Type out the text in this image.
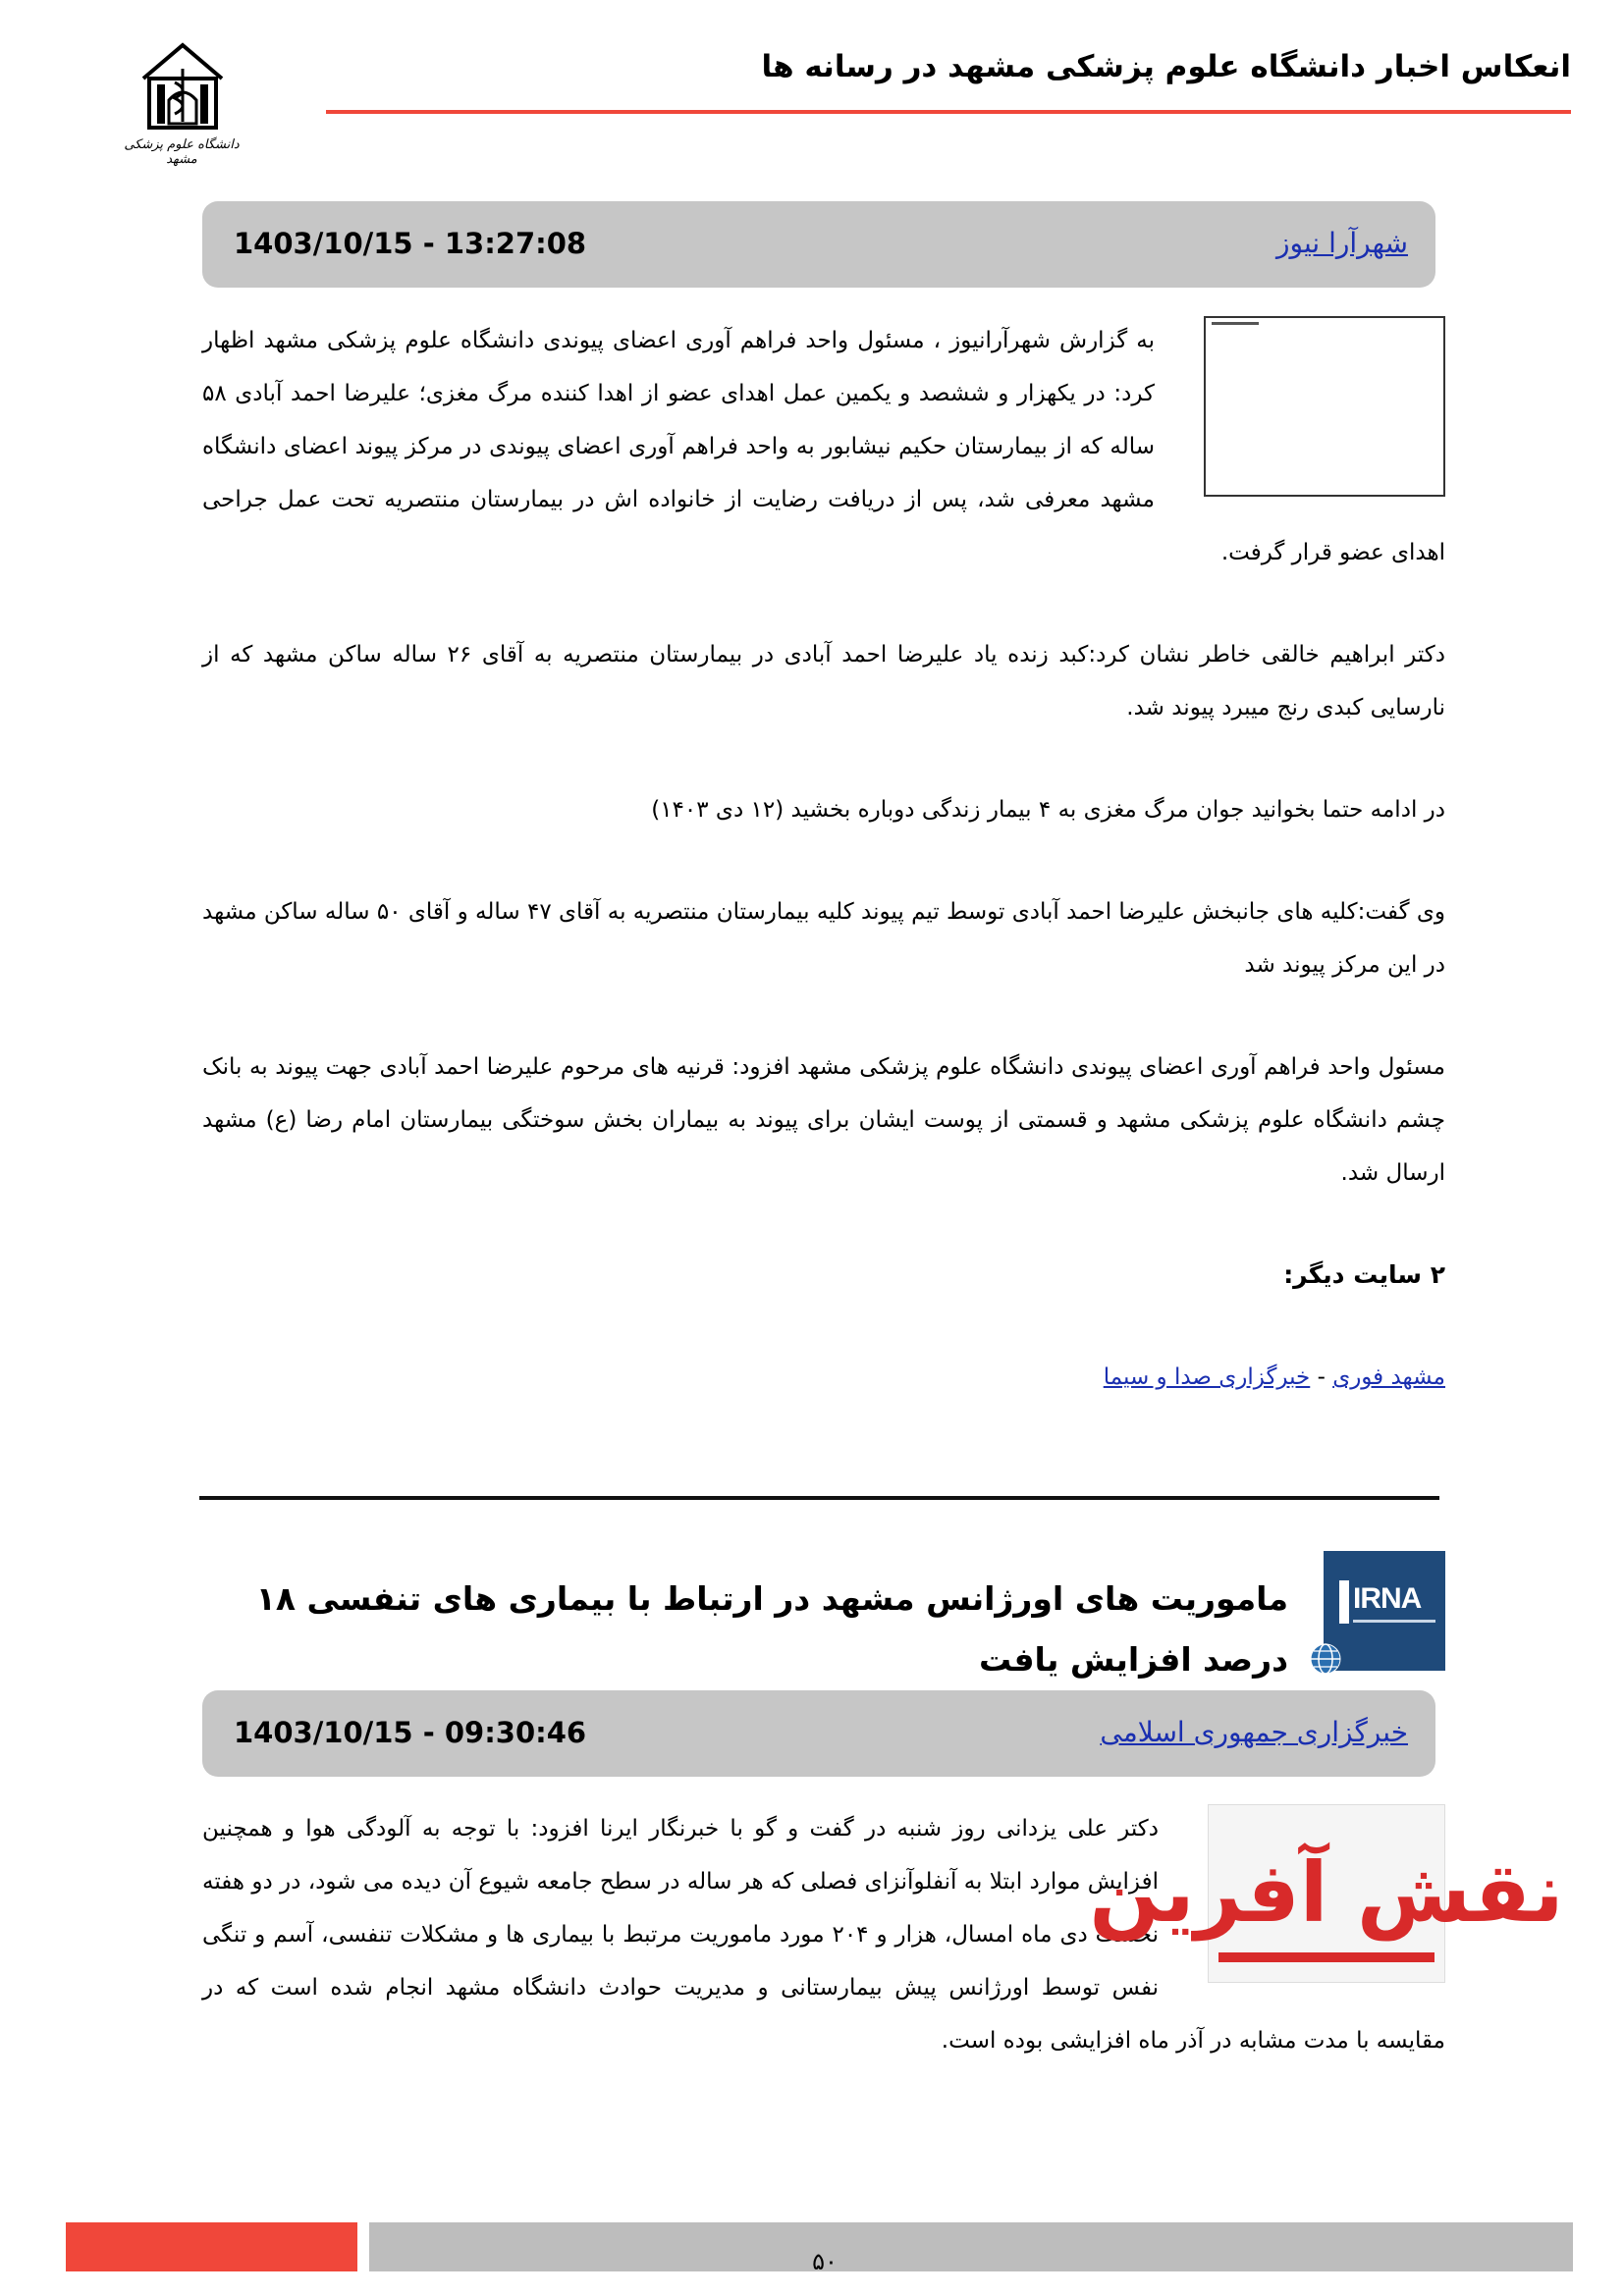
دانشگاه علوم پزشکی مشهد
انعکاس اخبار دانشگاه علوم پزشکی مشهد در رسانه ها
شهرآرا نیوز
1403/10/15 - 13:27:08

به گزارش شهرآرانیوز ، مسئول واحد فراهم آوری اعضای پیوندی دانشگاه علوم پزشکی مشهد اظهار کرد: در یکهزار و ششصد و یکمین عمل اهدای عضو از اهدا کننده مرگ مغزی؛ علیرضا احمد آبادی ۵۸ ساله که از بیمارستان حکیم نیشابور به واحد فراهم آوری اعضای پیوندی در مرکز پیوند اعضای دانشگاه مشهد معرفی شد، پس از دریافت رضایت از خانواده اش در بیمارستان منتصریه تحت عمل جراحی اهدای عضو قرار گرفت.

دکتر ابراهیم خالقی خاطر نشان کرد:کبد زنده یاد علیرضا احمد آبادی در بیمارستان منتصریه به آقای ۲۶ ساله ساکن مشهد که از نارسایی کبدی رنج میبرد پیوند شد.

در ادامه حتما بخوانید جوان مرگ مغزی به ۴ بیمار زندگی دوباره بخشید (۱۲ دی ۱۴۰۳)

وی گفت:کلیه های جانبخش علیرضا احمد آبادی توسط تیم پیوند کلیه بیمارستان منتصریه به آقای ۴۷ ساله و آقای ۵۰ ساله ساکن مشهد در این مرکز پیوند شد

مسئول واحد فراهم آوری اعضای پیوندی دانشگاه علوم پزشکی مشهد افزود: قرنیه های مرحوم علیرضا احمد آبادی جهت پیوند به بانک چشم دانشگاه علوم پزشکی مشهد و قسمتی از پوست ایشان برای پیوند به بیماران بخش سوختگی بیمارستان امام رضا (ع) مشهد ارسال شد.

۲ سایت دیگر:

مشهد فوری - خبرگزاری صدا و سیما

IRNA
ماموریت های اورژانس مشهد در ارتباط با بیماری های تنفسی ۱۸ درصد افزایش یافت
خبرگزاری جمهوری اسلامی
1403/10/15 - 09:30:46
نقش آفرین

دکتر علی یزدانی روز شنبه در گفت و گو با خبرنگار ایرنا افزود: با توجه به آلودگی هوا و همچنین افزایش موارد ابتلا به آنفلوآنزای فصلی که هر ساله در سطح جامعه شیوع آن دیده می شود، در دو هفته نخست دی ماه امسال، هزار و ۲۰۴ مورد ماموریت مرتبط با بیماری ها و مشکلات تنفسی، آسم و تنگی نفس توسط اورژانس پیش بیمارستانی و مدیریت حوادث دانشگاه مشهد انجام شده است که در مقایسه با مدت مشابه در آذر ماه افزایشی بوده است.

۵۰
